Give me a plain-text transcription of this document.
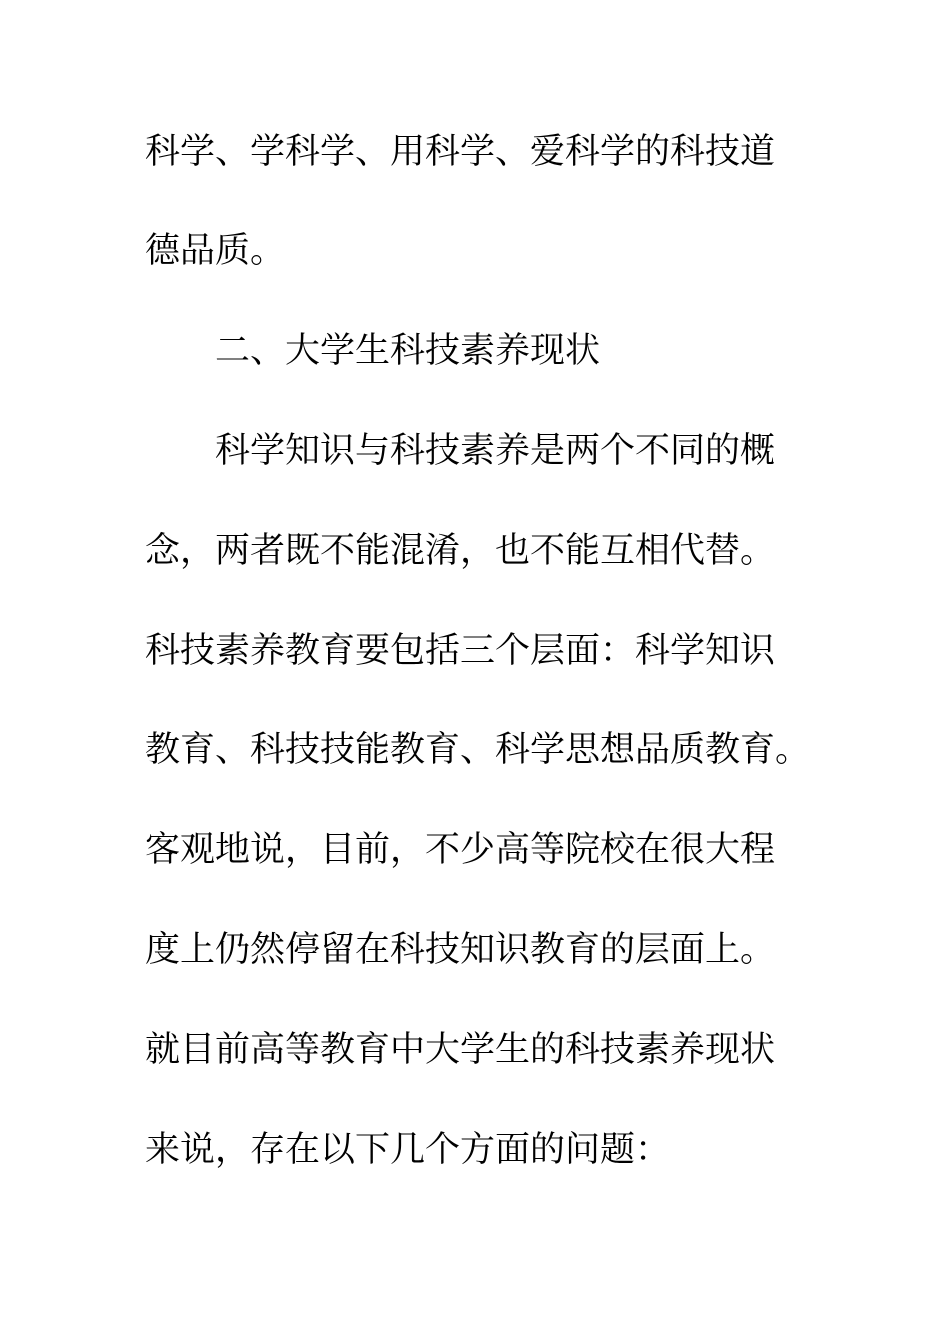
科学、学科学、用科学、爱科学的科技道
德品质。
二、大学生科技素养现状
科学知识与科技素养是两个不同的概
念，两者既不能混淆，也不能互相代替。
科技素养教育要包括三个层面：科学知识
教育、科技技能教育、科学思想品质教育。
客观地说，目前，不少高等院校在很大程
度上仍然停留在科技知识教育的层面上。
就目前高等教育中大学生的科技素养现状
来说，存在以下几个方面的问题：
